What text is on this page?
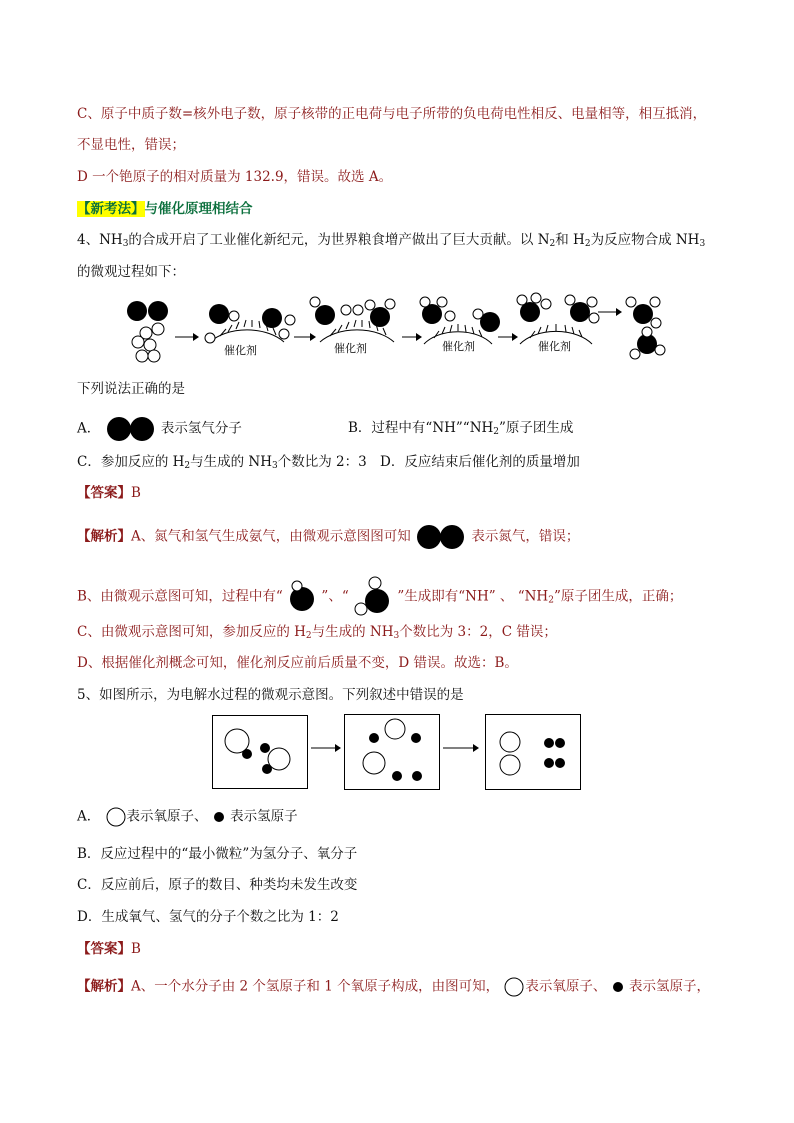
C、原子中质子数=核外电子数，原子核带的正电荷与电子所带的负电荷电性相反、电量相等，相互抵消，
不显电性，错误；
D 一个铯原子的相对质量为 132.9，错误。故选 A。
【新考法】与催化原理相结合
4、$NH_3$的合成开启了工业催化新纪元，为世界粮食增产做出了巨大贡献。以 $N_2$和 $H_2$为反应物合成 $NH_3$
的微观过程如下：
催化剂	催化剂	催化剂	催化剂
下列说法正确的是
A．	表示氢气分子	B．过程中有“$NH”“NH_2$”原子团生成
C．参加反应的 $H_2$与生成的 $NH_3$个数比为 2：3 D．反应结束后催化剂的质量增加
【答案】B
【解析】A、氮气和氢气生成氨气，由微观示意图图可知	表示氮气，错误；
B、由微观示意图可知，过程中有“	”、“	”生成即有“NH” 、 “$NH_2$”原子团生成，正确；
C、由微观示意图可知，参加反应的 $H_2$与生成的 $NH_3$个数比为 3：2，C 错误；
D、根据催化剂概念可知，催化剂反应前后质量不变，D 错误。故选：B。
5、如图所示，为电解水过程的微观示意图。下列叙述中错误的是
A． 表示氧原子、 表示氢原子
B．反应过程中的“最小微粒”为氢分子、氧分子
C．反应前后，原子的数目、种类均未发生改变
D．生成氧气、氢气的分子个数之比为 1：2
【答案】B
【解析】A、一个水分子由 2 个氢原子和 1 个氧原子构成，由图可知， 表示氧原子、 表示氢原子，
